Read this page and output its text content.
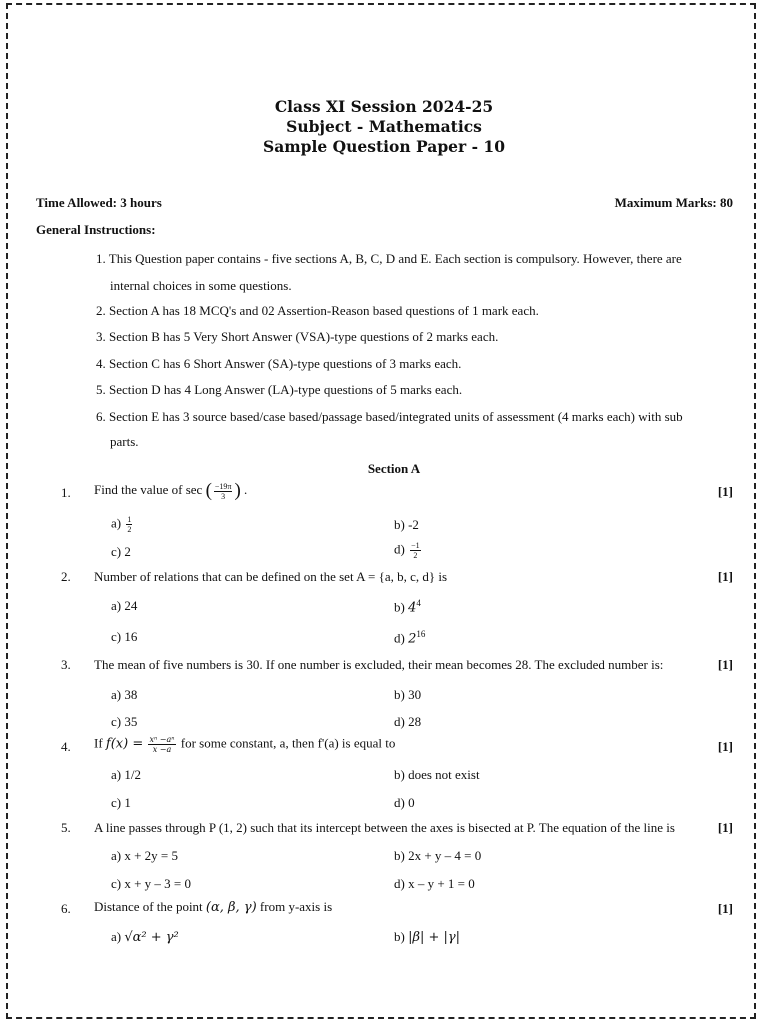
Class XI Session 2024-25
Subject - Mathematics
Sample Question Paper - 10
Time Allowed: 3 hours	Maximum Marks: 80
General Instructions:
1. This Question paper contains - five sections A, B, C, D and E. Each section is compulsory. However, there are
internal choices in some questions.
2. Section A has 18 MCQ's and 02 Assertion-Reason based questions of 1 mark each.
3. Section B has 5 Very Short Answer (VSA)-type questions of 2 marks each.
4. Section C has 6 Short Answer (SA)-type questions of 3 marks each.
5. Section D has 4 Long Answer (LA)-type questions of 5 marks each.
6. Section E has 3 source based/case based/passage based/integrated units of assessment (4 marks each) with sub
parts.
Section A
1. Find the value of sec ( $\frac{-19\pi}{3}$ ) .	[1]
$a) \frac{1}{2}$	b) -2
c) 2	$d) \frac{-1}{2}$
2. Number of relations that can be defined on the set A = {a, b, c, d} is	[1]
a) 24	b) $4^4$
c) 16	d) $2^{16}$
3. The mean of five numbers is 30. If one number is excluded, their mean becomes 28. The excluded number is:	[1]
a) 38	b) 30
c) 35	d) 28
4. If $f(x) = \frac{\text{xⁿ −aⁿ}}{x -a}$ for some constant, a, then f'(a) is equal to	[1]
a) 1/2	b) does not exist
c) 1	d) 0
5. A line passes through P (1, 2) such that its intercept between the axes is bisected at P. The equation of the line is	[1]
a) x + 2y = 5	b) 2x + y – 4 = 0
c) x + y – 3 = 0	d) x – y + 1 = 0
6. Distance of the point (α, β, γ) from y-axis is	[1]
a) √α² + γ²	b) |β| + |γ|
